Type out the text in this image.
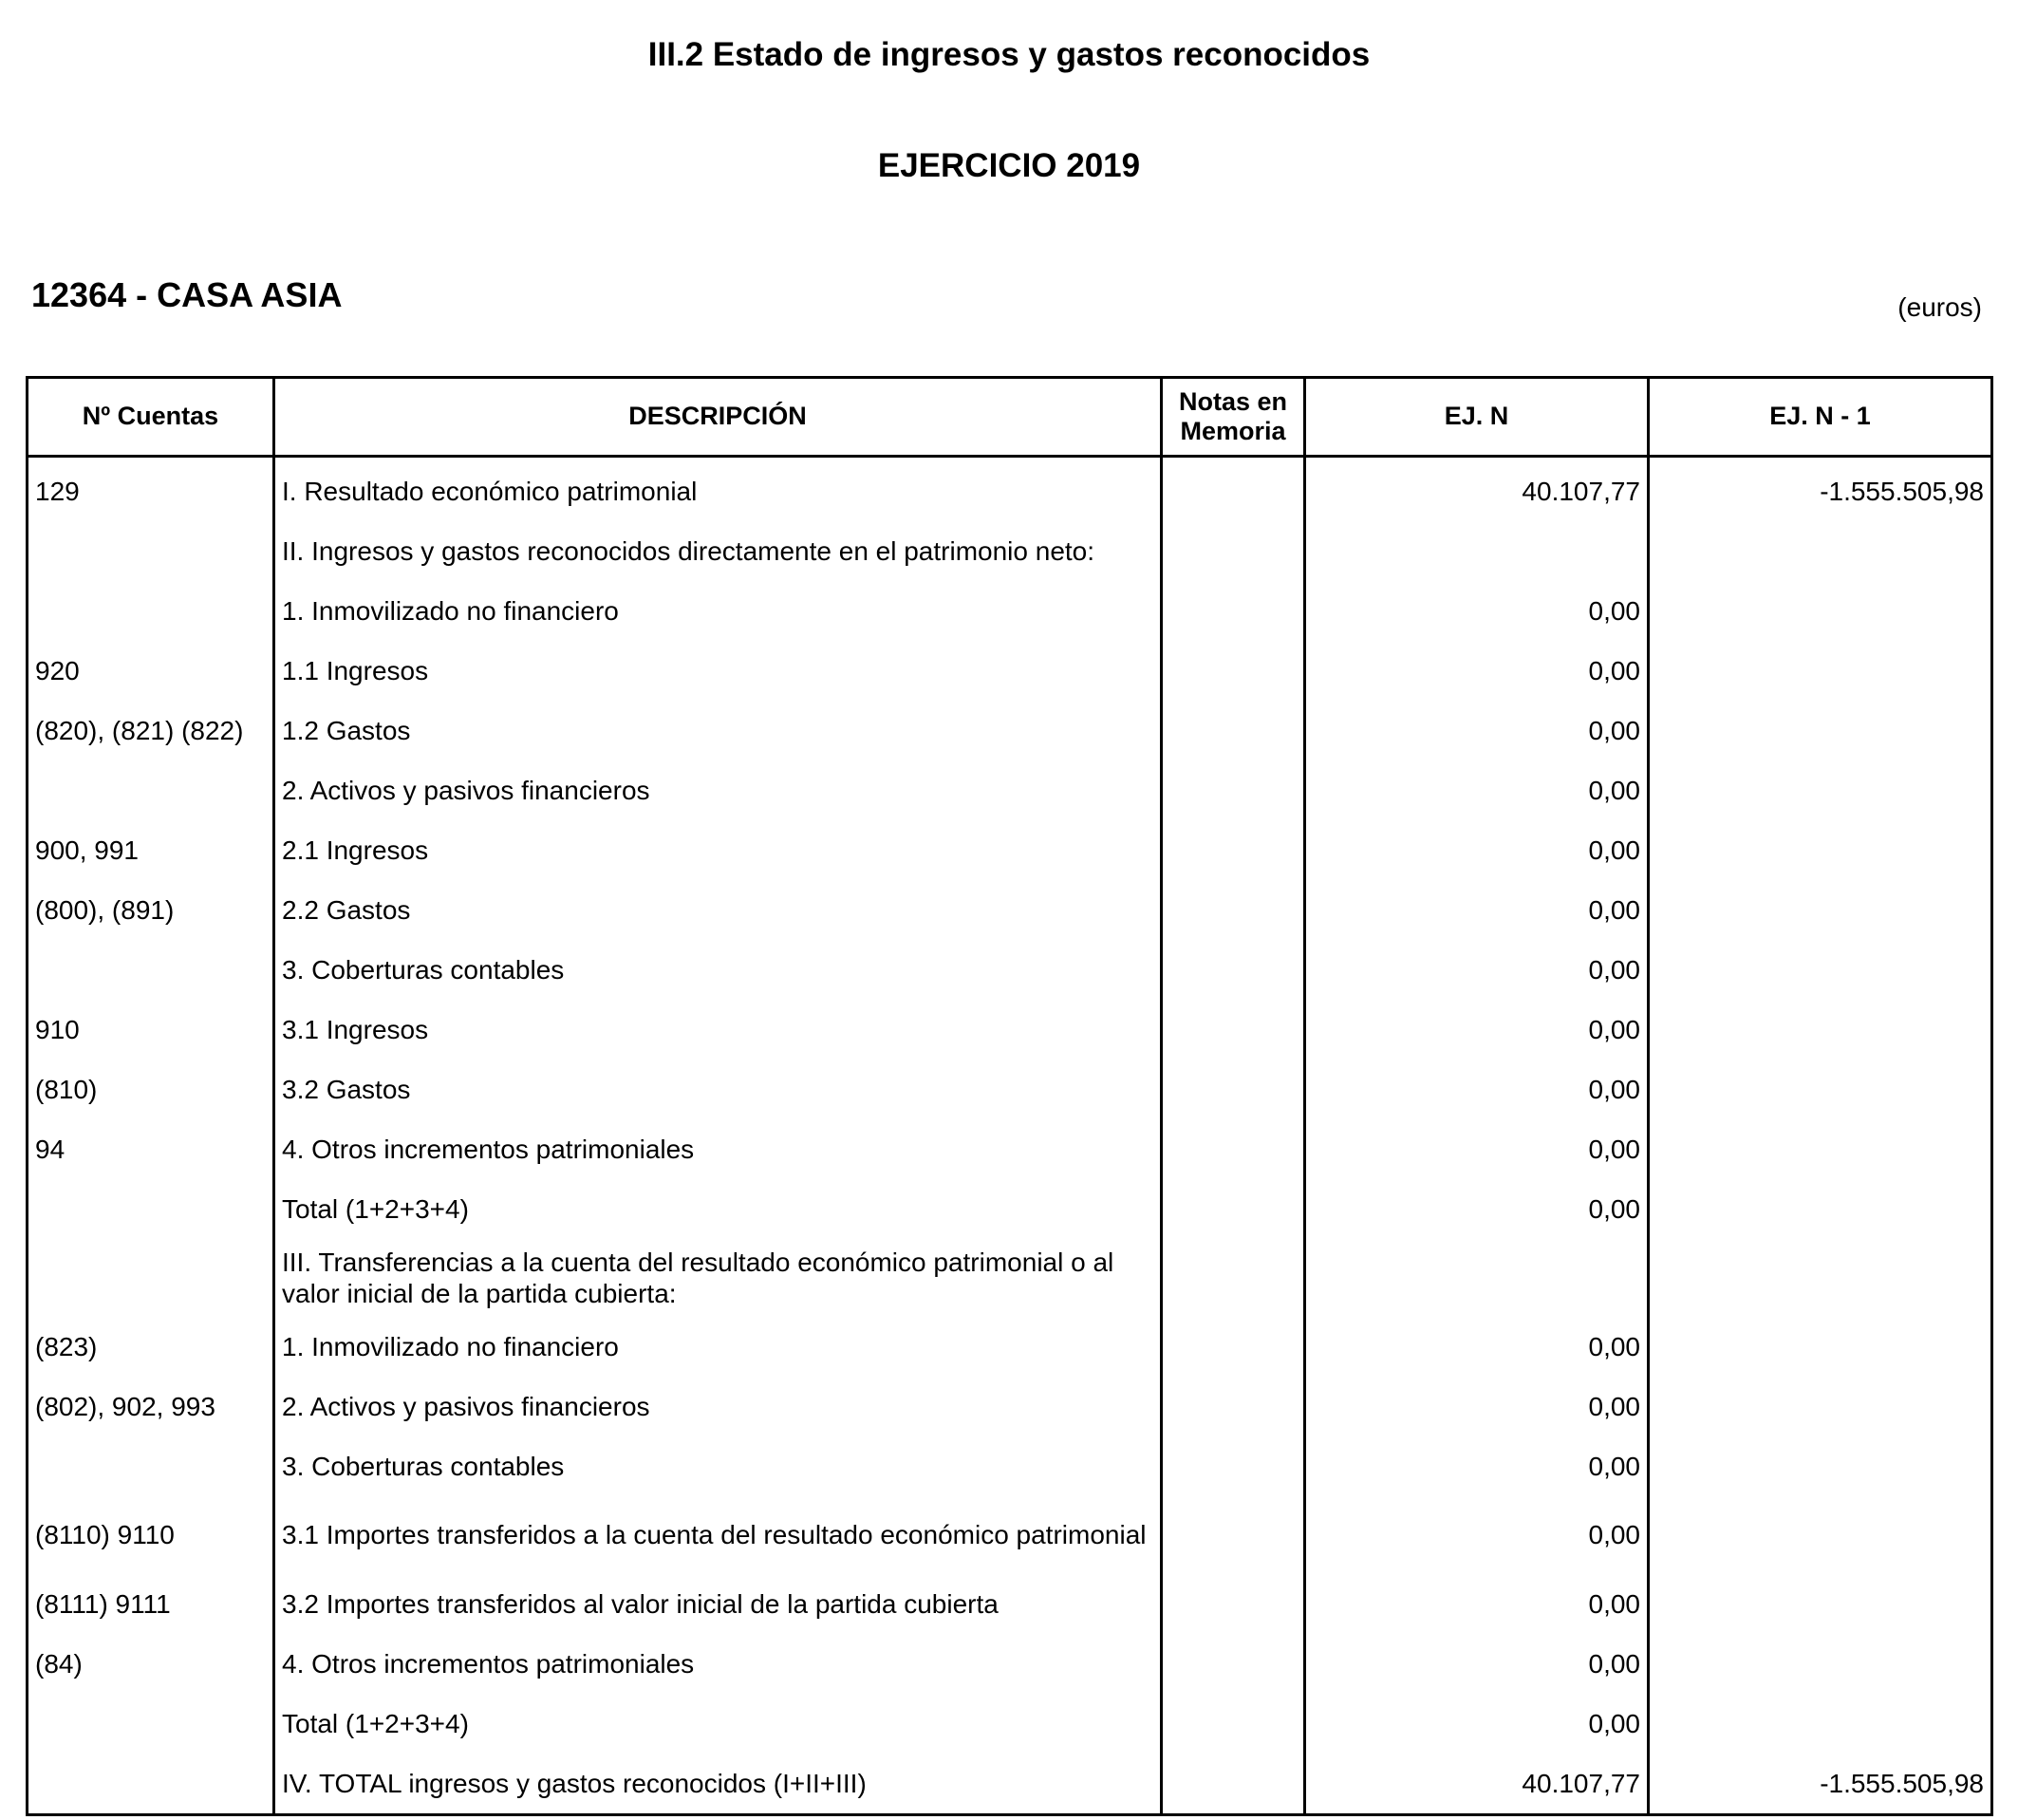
III.2 Estado de ingresos y gastos reconocidos
EJERCICIO 2019
12364 - CASA ASIA	(euros)
Nº Cuentas	DESCRIPCIÓN	Notas en
Memoria	EJ. N	EJ. N - 1
129	I. Resultado económico patrimonial		40.107,77	-1.555.505,98
	II. Ingresos y gastos reconocidos directamente en el patrimonio neto:			
	1. Inmovilizado no financiero		0,00	
920	1.1 Ingresos		0,00	
(820), (821) (822)	1.2 Gastos		0,00	
	2. Activos y pasivos financieros		0,00	
900, 991	2.1 Ingresos		0,00	
(800), (891)	2.2 Gastos		0,00	
	3. Coberturas contables		0,00	
910	3.1 Ingresos		0,00	
(810)	3.2 Gastos		0,00	
94	4. Otros incrementos patrimoniales		0,00	
	Total (1+2+3+4)		0,00	
	III. Transferencias a la cuenta del resultado económico patrimonial o al valor inicial de la partida cubierta:			
(823)	1. Inmovilizado no financiero		0,00	
(802), 902, 993	2. Activos y pasivos financieros		0,00	
	3. Coberturas contables		0,00	
(8110) 9110	3.1 Importes transferidos a la cuenta del resultado económico patrimonial		0,00	
(8111) 9111	3.2 Importes transferidos al valor inicial de la partida cubierta		0,00	
(84)	4. Otros incrementos patrimoniales		0,00	
	Total (1+2+3+4)		0,00	
	IV. TOTAL ingresos y gastos reconocidos (I+II+III)		40.107,77	-1.555.505,98
